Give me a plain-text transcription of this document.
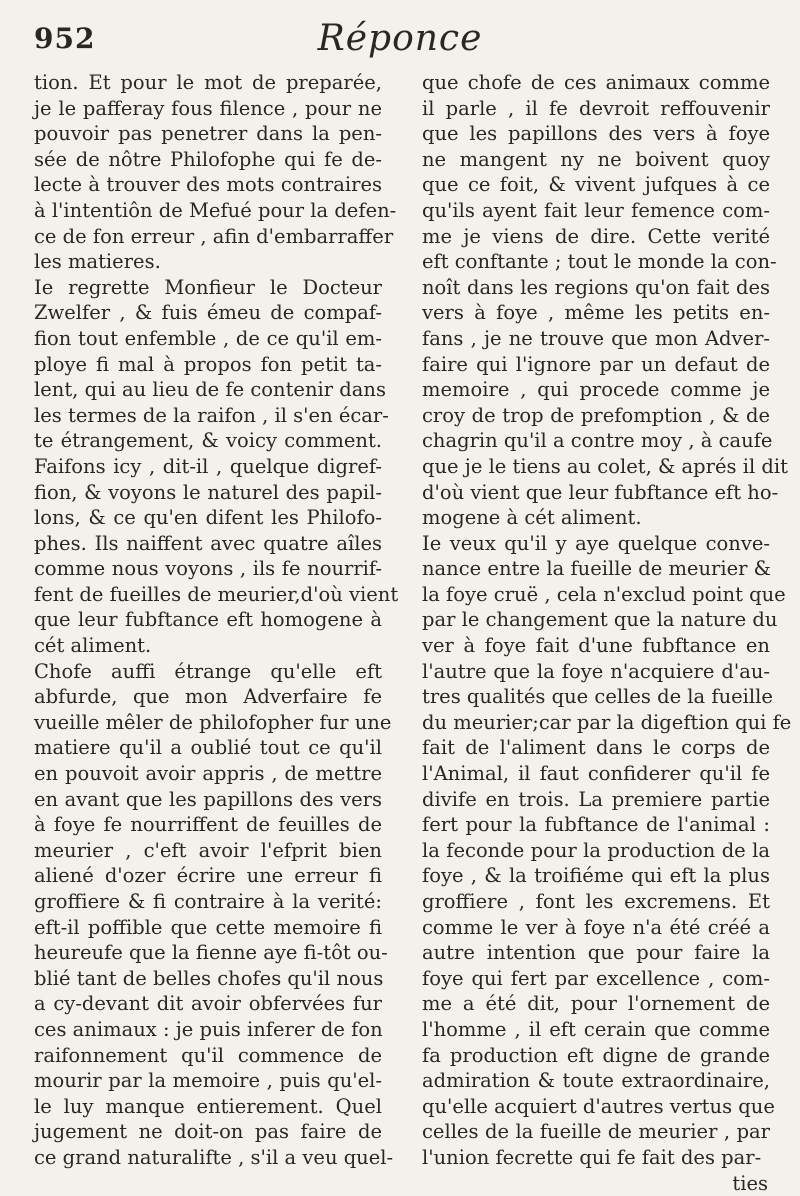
952	Réponce
tion. Et pour le mot de preparée,
je le pafferay fous filence , pour ne
pouvoir pas penetrer dans la pen-
sée de nôtre Philofophe qui fe de-
lecte à trouver des mots contraires
à l'intentiôn de Mefué pour la defen-
ce de fon erreur , afin d'embarraffer
les matieres.
Ie regrette Monfieur le Docteur
Zwelfer , & fuis émeu de compaf-
fion tout enfemble , de ce qu'il em-
ploye fi mal à propos fon petit ta-
lent, qui au lieu de fe contenir dans
les termes de la raifon , il s'en écar-
te étrangement, & voicy comment.
Faifons icy , dit-il , quelque digref-
fion, & voyons le naturel des papil-
lons, & ce qu'en difent les Philofo-
phes. Ils naiffent avec quatre aîles
comme nous voyons , ils fe nourrif-
fent de fueilles de meurier,d'où vient
que leur fubftance eft homogene à
cét aliment.
Chofe auffi étrange qu'elle eft
abfurde, que mon Adverfaire fe
vueille mêler de philofopher fur une
matiere qu'il a oublié tout ce qu'il
en pouvoit avoir appris , de mettre
en avant que les papillons des vers
à foye fe nourriffent de feuilles de
meurier , c'eft avoir l'efprit bien
aliené d'ozer écrire une erreur fi
groffiere & fi contraire à la verité:
eft-il poffible que cette memoire fi
heureufe que la fienne aye fi-tôt ou-
blié tant de belles chofes qu'il nous
a cy-devant dit avoir obfervées fur
ces animaux : je puis inferer de fon
raifonnement qu'il commence de
mourir par la memoire , puis qu'el-
le luy manque entierement. Quel
jugement ne doit-on pas faire de
ce grand naturalifte , s'il a veu quel-
que chofe de ces animaux comme
il parle , il fe devroit reffouvenir
que les papillons des vers à foye
ne mangent ny ne boivent quoy
que ce foit, & vivent jufques à ce
qu'ils ayent fait leur femence com-
me je viens de dire. Cette verité
eft conftante ; tout le monde la con-
noît dans les regions qu'on fait des
vers à foye , même les petits en-
fans , je ne trouve que mon Adver-
faire qui l'ignore par un defaut de
memoire , qui procede comme je
croy de trop de prefomption , & de
chagrin qu'il a contre moy , à caufe
que je le tiens au colet, & aprés il dit
d'où vient que leur fubftance eft ho-
mogene à cét aliment.
Ie veux qu'il y aye quelque conve-
nance entre la fueille de meurier &
la foye cruë , cela n'exclud point que
par le changement que la nature du
ver à foye fait d'une fubftance en
l'autre que la foye n'acquiere d'au-
tres qualités que celles de la fueille
du meurier;car par la digeftion qui fe
fait de l'aliment dans le corps de
l'Animal, il faut confiderer qu'il fe
divife en trois. La premiere partie
fert pour la fubftance de l'animal :
la feconde pour la production de la
foye , & la troifiéme qui eft la plus
groffiere , font les excremens. Et
comme le ver à foye n'a été créé a
autre intention que pour faire la
foye qui fert par excellence , com-
me a été dit, pour l'ornement de
l'homme , il eft cerain que comme
fa production eft digne de grande
admiration & toute extraordinaire,
qu'elle acquiert d'autres vertus que
celles de la fueille de meurier , par
l'union fecrette qui fe fait des par-
ties
